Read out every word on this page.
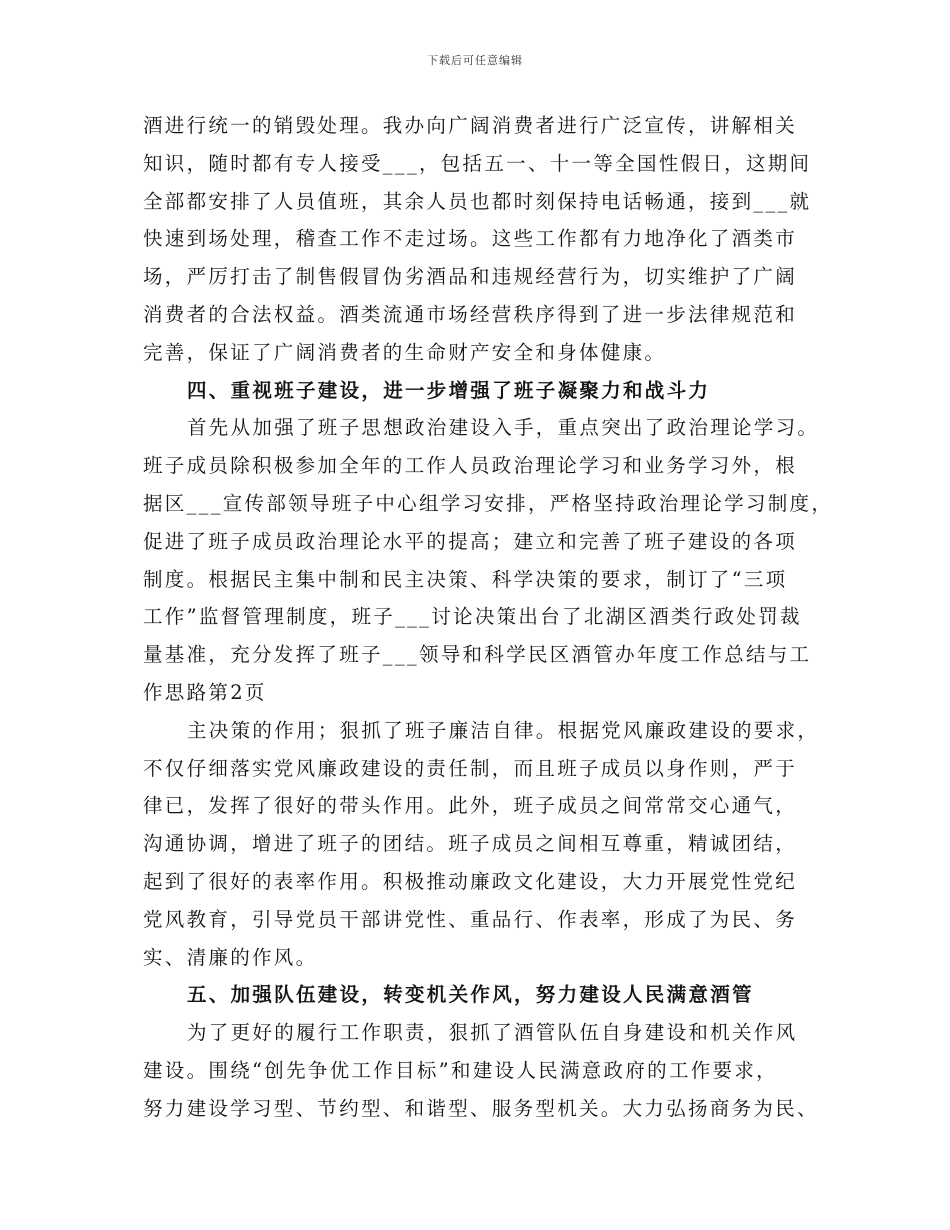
下载后可任意编辑
酒进行统一的销毁处理。我办向广阔消费者进行广泛宣传，讲解相关
知识，随时都有专人接受___，包括五一、十一等全国性假日，这期间
全部都安排了人员值班，其余人员也都时刻保持电话畅通，接到___就
快速到场处理，稽查工作不走过场。这些工作都有力地净化了酒类市
场，严厉打击了制售假冒伪劣酒品和违规经营行为，切实维护了广阔
消费者的合法权益。酒类流通市场经营秩序得到了进一步法律规范和
完善，保证了广阔消费者的生命财产安全和身体健康。
四、重视班子建设，进一步增强了班子凝聚力和战斗力
首先从加强了班子思想政治建设入手，重点突出了政治理论学习。
班子成员除积极参加全年的工作人员政治理论学习和业务学习外，根
据区___宣传部领导班子中心组学习安排，严格坚持政治理论学习制度，
促进了班子成员政治理论水平的提高；建立和完善了班子建设的各项
制度。根据民主集中制和民主决策、科学决策的要求，制订了“三项
工作”监督管理制度，班子___讨论决策出台了北湖区酒类行政处罚裁
量基准，充分发挥了班子___领导和科学民区酒管办年度工作总结与工
作思路第2页
主决策的作用；狠抓了班子廉洁自律。根据党风廉政建设的要求，
不仅仔细落实党风廉政建设的责任制，而且班子成员以身作则，严于
律已，发挥了很好的带头作用。此外，班子成员之间常常交心通气，
沟通协调，增进了班子的团结。班子成员之间相互尊重，精诚团结，
起到了很好的表率作用。积极推动廉政文化建设，大力开展党性党纪
党风教育，引导党员干部讲党性、重品行、作表率，形成了为民、务
实、清廉的作风。
五、加强队伍建设，转变机关作风，努力建设人民满意酒管
为了更好的履行工作职责，狠抓了酒管队伍自身建设和机关作风
建设。围绕“创先争优工作目标”和建设人民满意政府的工作要求，
努力建设学习型、节约型、和谐型、服务型机关。大力弘扬商务为民、
